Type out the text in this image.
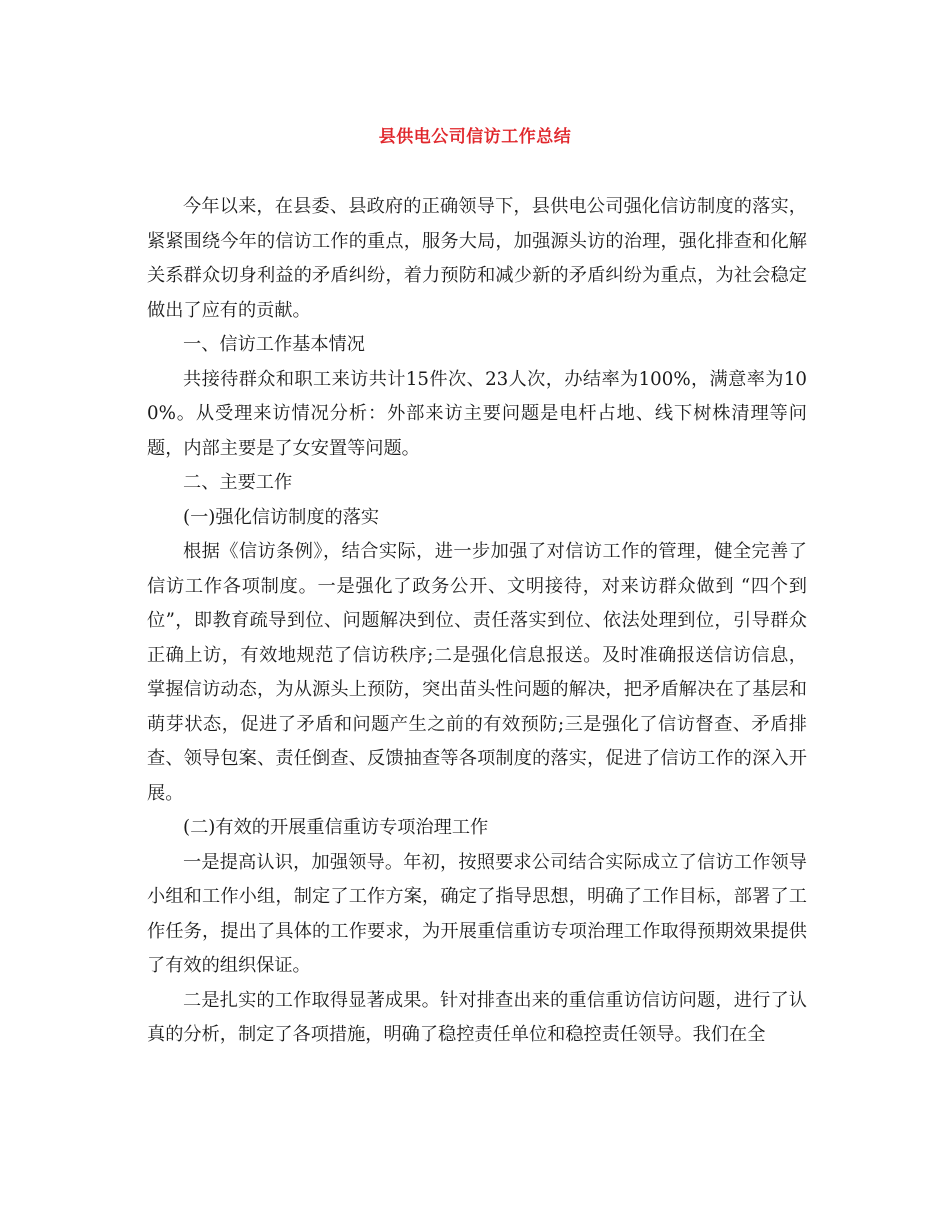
县供电公司信访工作总结

今年以来，在县委、县政府的正确领导下，县供电公司强化信访制度的落实，紧紧围绕今年的信访工作的重点，服务大局，加强源头访的治理，强化排查和化解关系群众切身利益的矛盾纠纷，着力预防和减少新的矛盾纠纷为重点，为社会稳定做出了应有的贡献。

一、信访工作基本情况

共接待群众和职工来访共计15件次、23人次，办结率为100%，满意率为100%。从受理来访情况分析：外部来访主要问题是电杆占地、线下树株清理等问题，内部主要是了女安置等问题。

二、主要工作

(一)强化信访制度的落实

根据《信访条例》，结合实际，进一步加强了对信访工作的管理，健全完善了信访工作各项制度。一是强化了政务公开、文明接待，对来访群众做到 “四个到位”，即教育疏导到位、问题解决到位、责任落实到位、依法处理到位，引导群众正确上访，有效地规范了信访秩序;二是强化信息报送。及时准确报送信访信息，掌握信访动态，为从源头上预防，突出苗头性问题的解决，把矛盾解决在了基层和萌芽状态，促进了矛盾和问题产生之前的有效预防;三是强化了信访督查、矛盾排查、领导包案、责任倒查、反馈抽查等各项制度的落实，促进了信访工作的深入开展。

(二)有效的开展重信重访专项治理工作

一是提高认识，加强领导。年初，按照要求公司结合实际成立了信访工作领导小组和工作小组，制定了工作方案，确定了指导思想，明确了工作目标，部署了工作任务，提出了具体的工作要求，为开展重信重访专项治理工作取得预期效果提供了有效的组织保证。

二是扎实的工作取得显著成果。针对排查出来的重信重访信访问题，进行了认真的分析，制定了各项措施，明确了稳控责任单位和稳控责任领导。我们在全
